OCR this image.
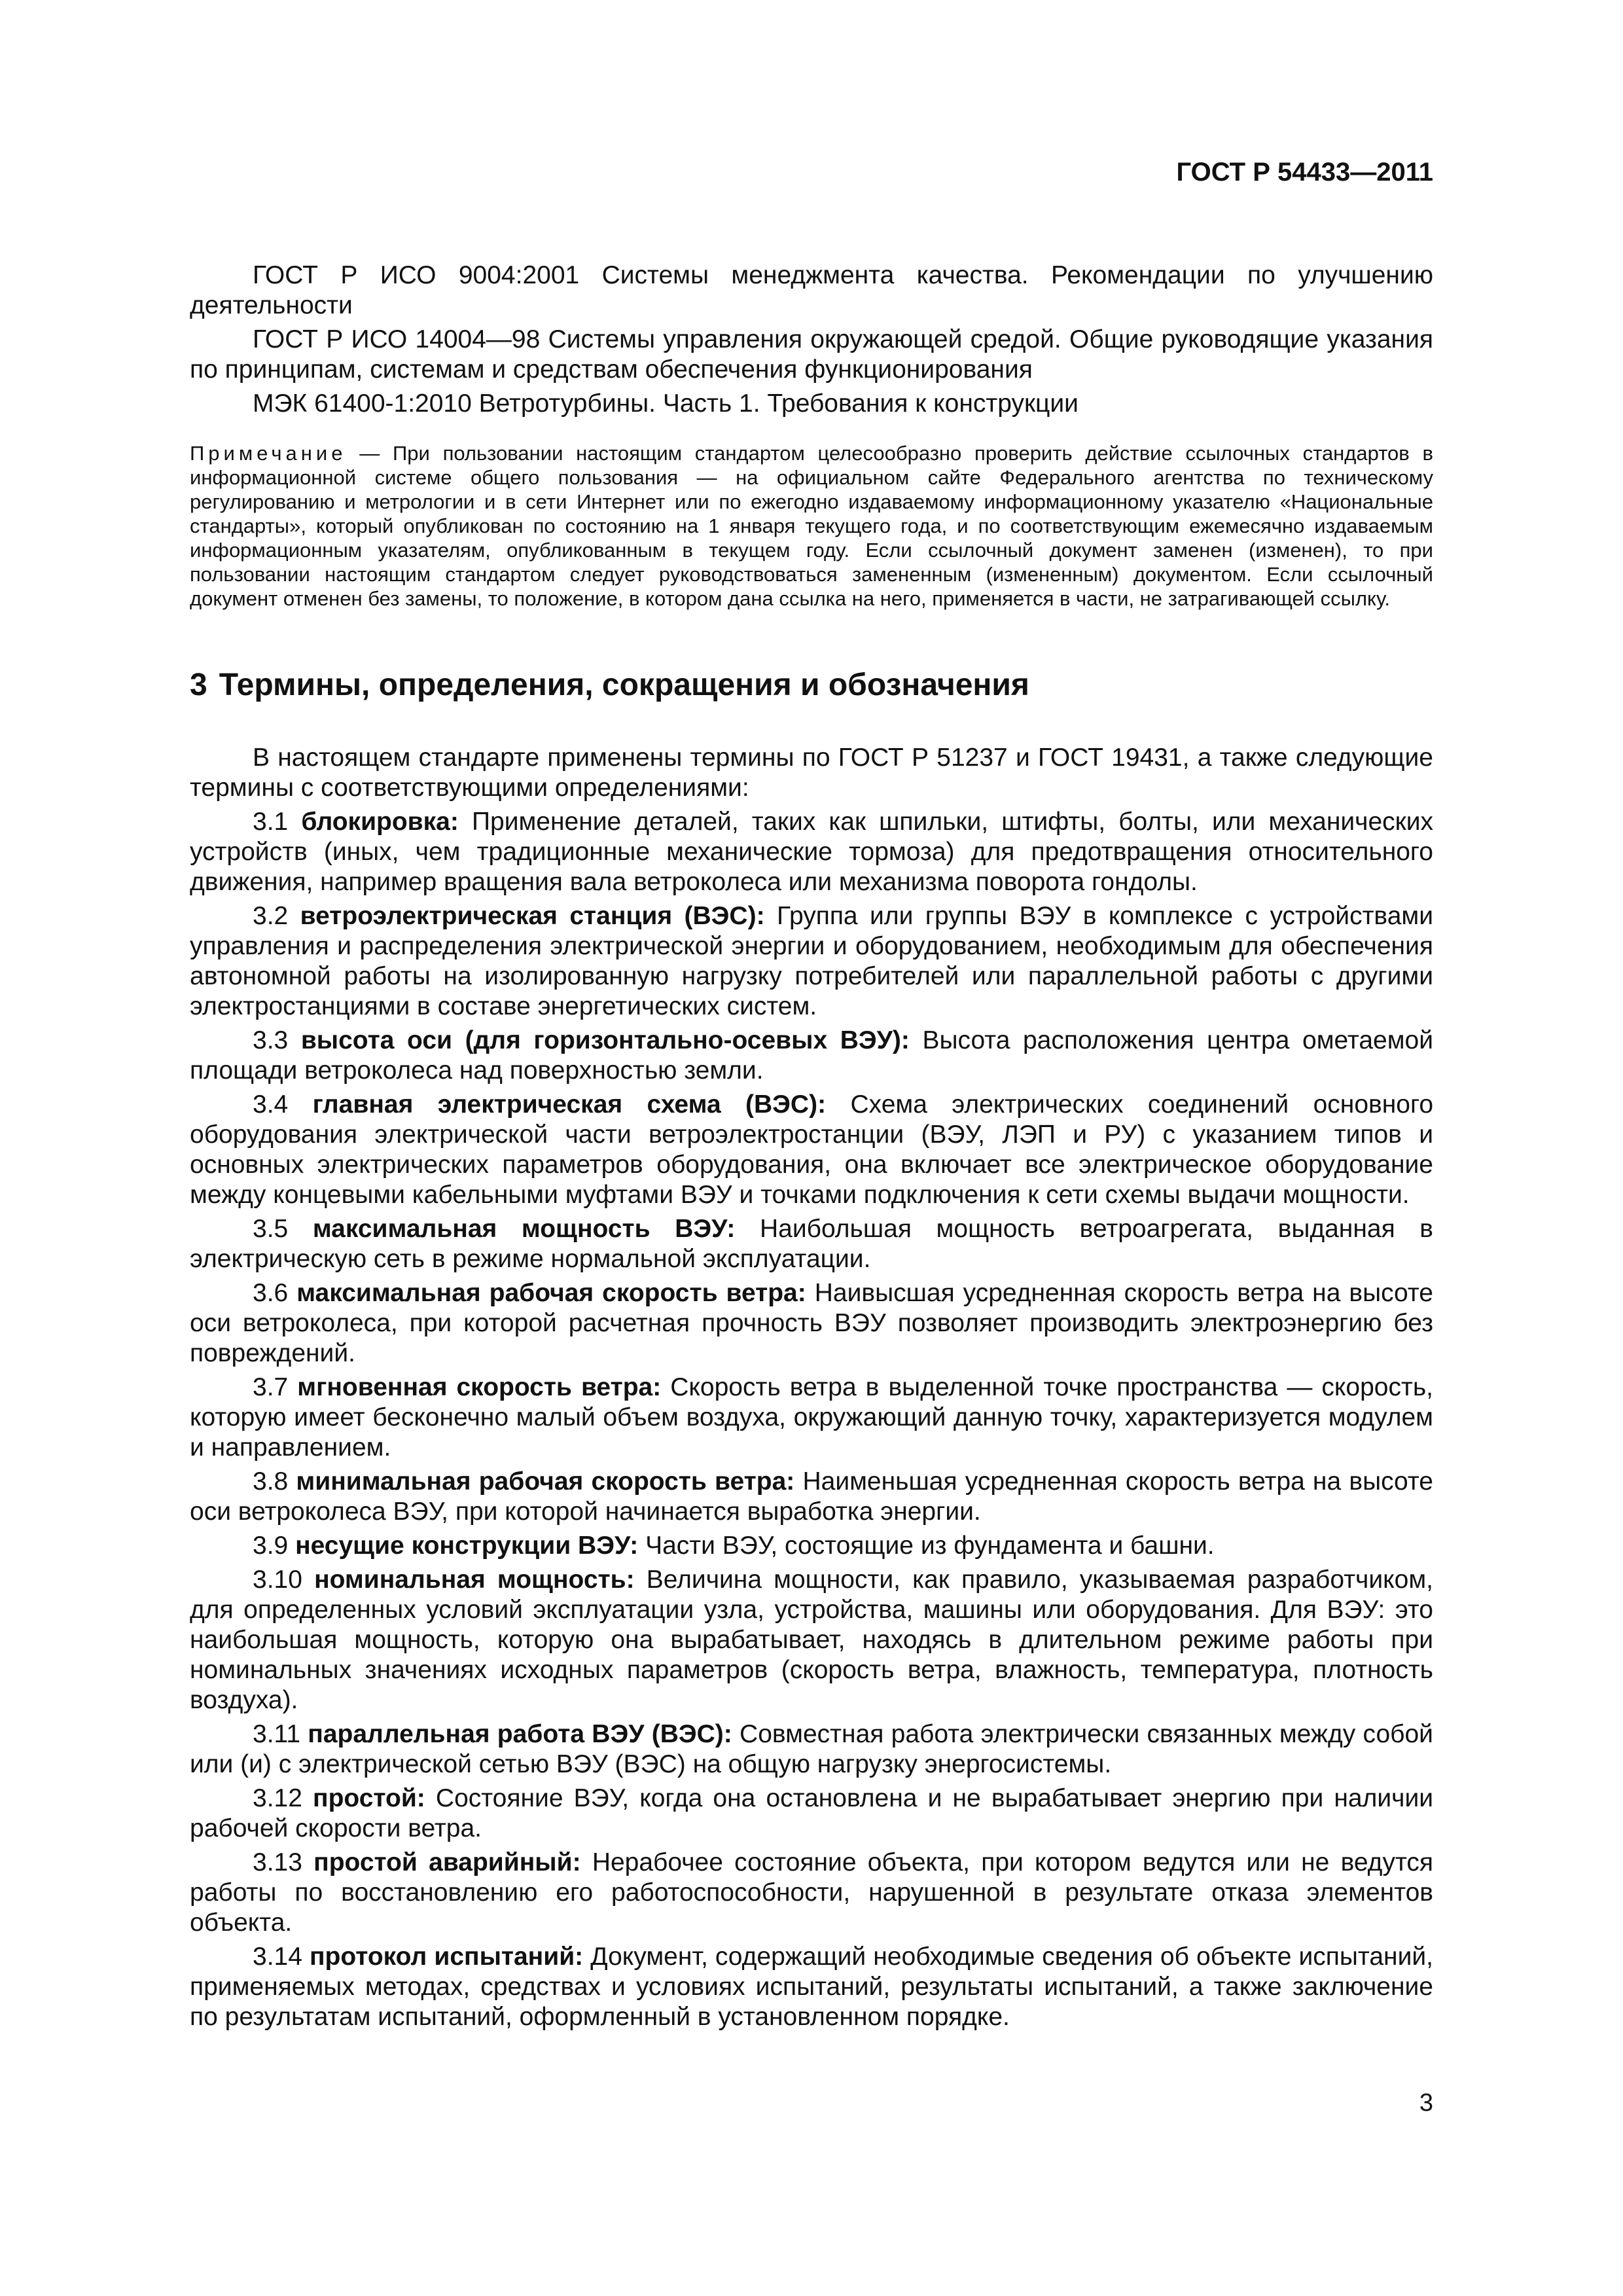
ГОСТ Р 54433—2011

ГОСТ Р ИСО 9004:2001 Системы менеджмента качества. Рекомендации по улучшению деятельности

ГОСТ Р ИСО 14004—98 Системы управления окружающей средой. Общие руководящие указания по принципам, системам и средствам обеспечения функционирования

МЭК 61400-1:2010 Ветротурбины. Часть 1. Требования к конструкции

Примечание — При пользовании настоящим стандартом целесообразно проверить действие ссылочных стандартов в информационной системе общего пользования — на официальном сайте Федерального агентства по техническому регулированию и метрологии и в сети Интернет или по ежегодно издаваемому информационному указателю «Национальные стандарты», который опубликован по состоянию на 1 января текущего года, и по соответствующим ежемесячно издаваемым информационным указателям, опубликованным в текущем году. Если ссылочный документ заменен (изменен), то при пользовании настоящим стандартом следует руководствоваться замененным (измененным) документом. Если ссылочный документ отменен без замены, то положение, в котором дана ссылка на него, применяется в части, не затрагивающей ссылку.

3 Термины, определения, сокращения и обозначения

В настоящем стандарте применены термины по ГОСТ Р 51237 и ГОСТ 19431, а также следующие термины с соответствующими определениями:

3.1 блокировка: Применение деталей, таких как шпильки, штифты, болты, или механических устройств (иных, чем традиционные механические тормоза) для предотвращения относительного движения, например вращения вала ветроколеса или механизма поворота гондолы.

3.2 ветроэлектрическая станция (ВЭС): Группа или группы ВЭУ в комплексе с устройствами управления и распределения электрической энергии и оборудованием, необходимым для обеспечения автономной работы на изолированную нагрузку потребителей или параллельной работы с другими электростанциями в составе энергетических систем.

3.3 высота оси (для горизонтально-осевых ВЭУ): Высота расположения центра ометаемой площади ветроколеса над поверхностью земли.

3.4 главная электрическая схема (ВЭС): Схема электрических соединений основного оборудования электрической части ветроэлектростанции (ВЭУ, ЛЭП и РУ) с указанием типов и основных электрических параметров оборудования, она включает все электрическое оборудование между концевыми кабельными муфтами ВЭУ и точками подключения к сети схемы выдачи мощности.

3.5 максимальная мощность ВЭУ: Наибольшая мощность ветроагрегата, выданная в электрическую сеть в режиме нормальной эксплуатации.

3.6 максимальная рабочая скорость ветра: Наивысшая усредненная скорость ветра на высоте оси ветроколеса, при которой расчетная прочность ВЭУ позволяет производить электроэнергию без повреждений.

3.7 мгновенная скорость ветра: Скорость ветра в выделенной точке пространства — скорость, которую имеет бесконечно малый объем воздуха, окружающий данную точку, характеризуется модулем и направлением.

3.8 минимальная рабочая скорость ветра: Наименьшая усредненная скорость ветра на высоте оси ветроколеса ВЭУ, при которой начинается выработка энергии.

3.9 несущие конструкции ВЭУ: Части ВЭУ, состоящие из фундамента и башни.

3.10 номинальная мощность: Величина мощности, как правило, указываемая разработчиком, для определенных условий эксплуатации узла, устройства, машины или оборудования. Для ВЭУ: это наибольшая мощность, которую она вырабатывает, находясь в длительном режиме работы при номинальных значениях исходных параметров (скорость ветра, влажность, температура, плотность воздуха).

3.11 параллельная работа ВЭУ (ВЭС): Совместная работа электрически связанных между собой или (и) с электрической сетью ВЭУ (ВЭС) на общую нагрузку энергосистемы.

3.12 простой: Состояние ВЭУ, когда она остановлена и не вырабатывает энергию при наличии рабочей скорости ветра.

3.13 простой аварийный: Нерабочее состояние объекта, при котором ведутся или не ведутся работы по восстановлению его работоспособности, нарушенной в результате отказа элементов объекта.

3.14 протокол испытаний: Документ, содержащий необходимые сведения об объекте испытаний, применяемых методах, средствах и условиях испытаний, результаты испытаний, а также заключение по результатам испытаний, оформленный в установленном порядке.

3
